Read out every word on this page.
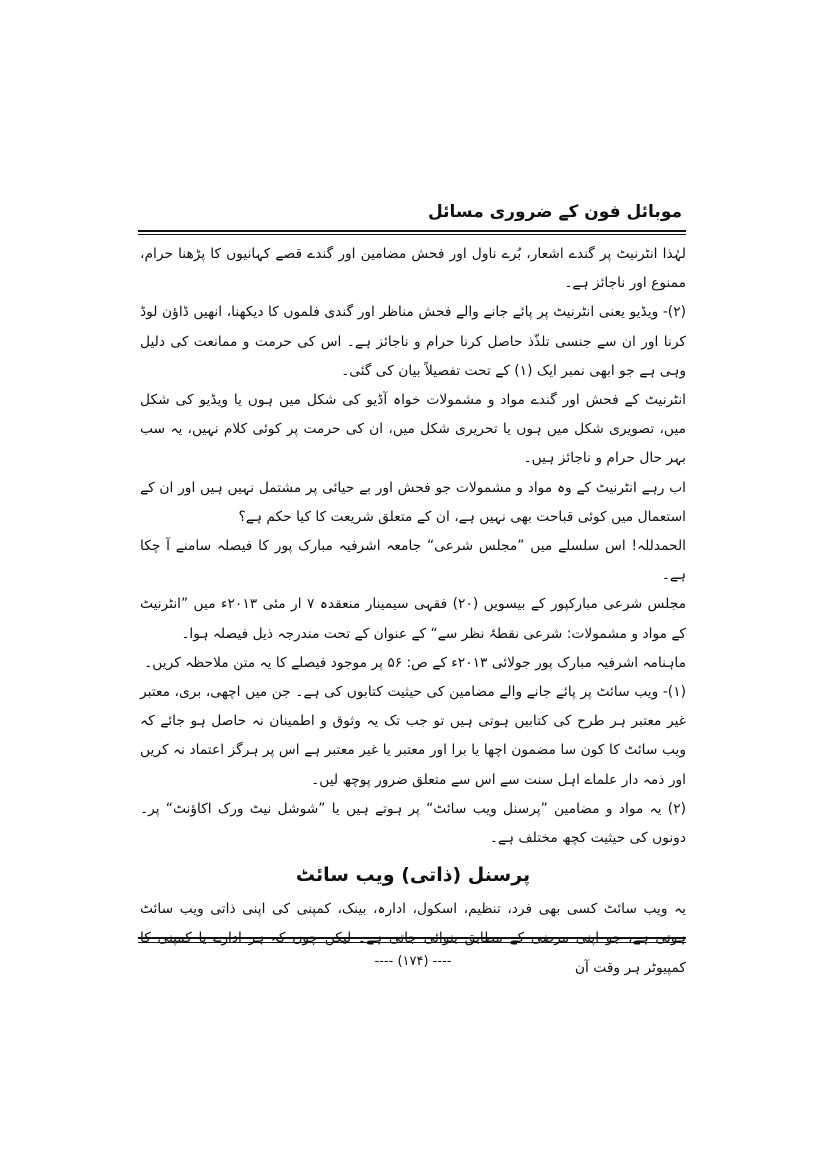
موبائل فون کے ضروری مسائل

لہٰذا انٹرنیٹ پر گندے اشعار، بُرے ناول اور فحش مضامین اور گندے قصے کہانیوں کا پڑھنا حرام، ممنوع اور ناجائز ہے۔

(۲)- ویڈیو یعنی انٹرنیٹ پر پائے جانے والے فحش مناظر اور گندی فلموں کا دیکھنا، انھیں ڈاؤن لوڈ کرنا اور ان سے جنسی تلذّذ حاصل کرنا حرام و ناجائز ہے۔ اس کی حرمت و ممانعت کی دلیل وہی ہے جو ابھی نمبر ایک (۱) کے تحت تفصیلاً بیان کی گئی۔

انٹرنیٹ کے فحش اور گندے مواد و مشمولات خواہ آڈیو کی شکل میں ہوں یا ویڈیو کی شکل میں، تصویری شکل میں ہوں یا تحریری شکل میں، ان کی حرمت پر کوئی کلام نہیں، یہ سب بہر حال حرام و ناجائز ہیں۔

اب رہے انٹرنیٹ کے وہ مواد و مشمولات جو فحش اور بے حیائی پر مشتمل نہیں ہیں اور ان کے استعمال میں کوئی قباحت بھی نہیں ہے، ان کے متعلق شریعت کا کیا حکم ہے؟

الحمدللہ! اس سلسلے میں ”مجلس شرعی“ جامعہ اشرفیہ مبارک پور کا فیصلہ سامنے آ چکا ہے۔

مجلس شرعی مبارکپور کے بیسویں (۲۰) فقہی سیمینار منعقدہ ۷ ار مئی ۲۰۱۳ء میں ”انٹرنیٹ کے مواد و مشمولات: شرعی نقطۂ نظر سے“ کے عنوان کے تحت مندرجہ ذیل فیصلہ ہوا۔

ماہنامہ اشرفیہ مبارک پور جولائی ۲۰۱۳ء کے ص: ۵۶ پر موجود فیصلے کا یہ متن ملاحظہ کریں۔

(۱)- ویب سائٹ پر پائے جانے والے مضامین کی حیثیت کتابوں کی ہے۔ جن میں اچھی، بری، معتبر غیر معتبر ہر طرح کی کتابیں ہوتی ہیں تو جب تک یہ وثوق و اطمینان نہ حاصل ہو جائے کہ ویب سائٹ کا کون سا مضمون اچھا یا برا اور معتبر یا غیر معتبر ہے اس پر ہرگز اعتماد نہ کریں اور ذمہ دار علماے اہل سنت سے اس سے متعلق ضرور پوچھ لیں۔

(۲) یہ مواد و مضامین ”پرسنل ویب سائٹ“ پر ہوتے ہیں یا ”شوشل نیٹ ورک اکاؤنٹ“ پر۔ دونوں کی حیثیت کچھ مختلف ہے۔

پرسنل (ذاتی) ویب سائٹ

یہ ویب سائٹ کسی بھی فرد، تنظیم، اسکول، ادارہ، بینک، کمپنی کی اپنی ذاتی ویب سائٹ کمپیوٹر ہر وقت آن

---- (۱۷۴) ----
